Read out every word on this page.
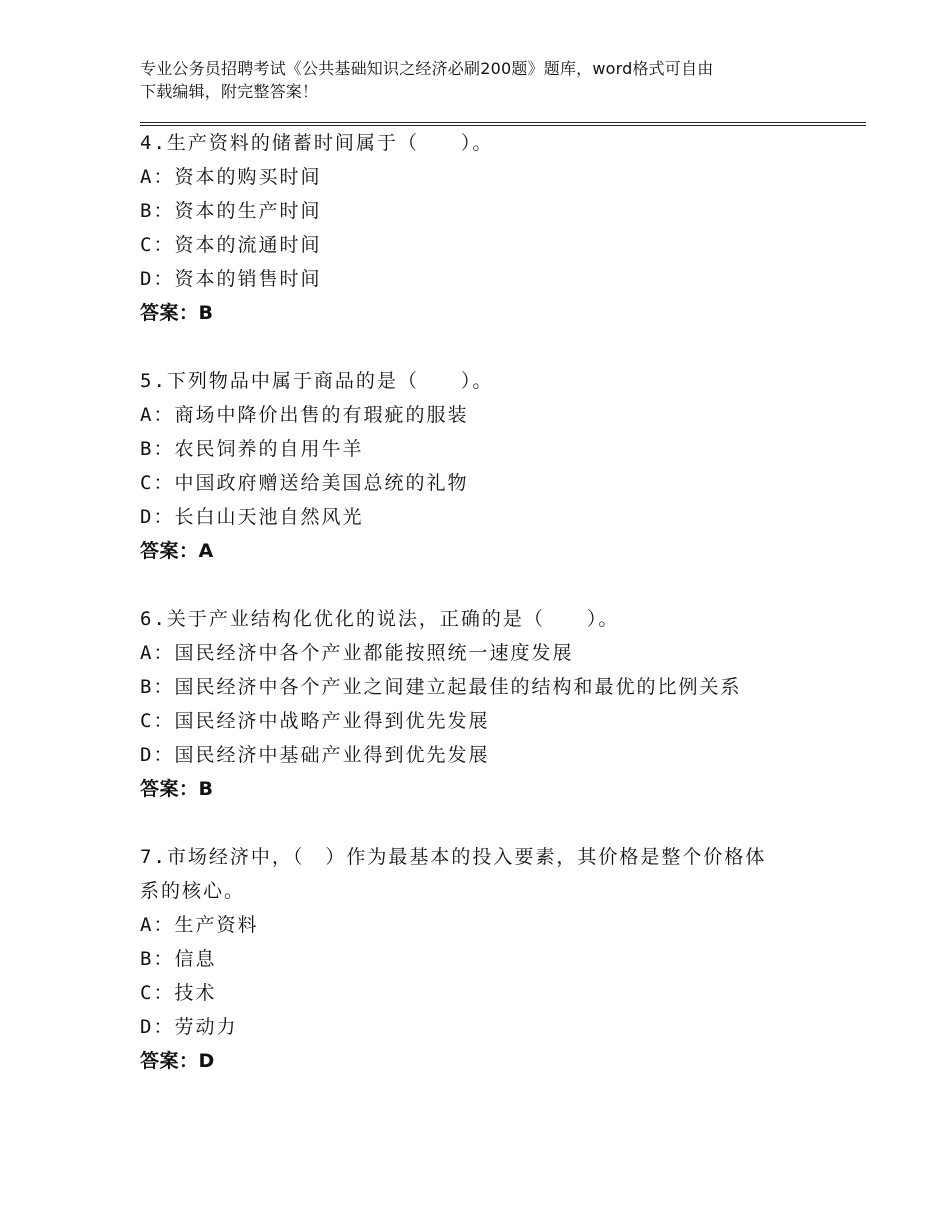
专业公务员招聘考试《公共基础知识之经济必刷200题》题库，word格式可自由
下载编辑，附完整答案！
4.生产资料的储蓄时间属于（　　）。
A：资本的购买时间
B：资本的生产时间
C：资本的流通时间
D：资本的销售时间
答案：B
5.下列物品中属于商品的是（　　）。
A：商场中降价出售的有瑕疵的服装
B：农民饲养的自用牛羊
C：中国政府赠送给美国总统的礼物
D：长白山天池自然风光
答案：A
6.关于产业结构化优化的说法，正确的是（　　）。
A：国民经济中各个产业都能按照统一速度发展
B：国民经济中各个产业之间建立起最佳的结构和最优的比例关系
C：国民经济中战略产业得到优先发展
D：国民经济中基础产业得到优先发展
答案：B
7.市场经济中，（　）作为最基本的投入要素，其价格是整个价格体
系的核心。
A：生产资料
B：信息
C：技术
D：劳动力
答案：D
